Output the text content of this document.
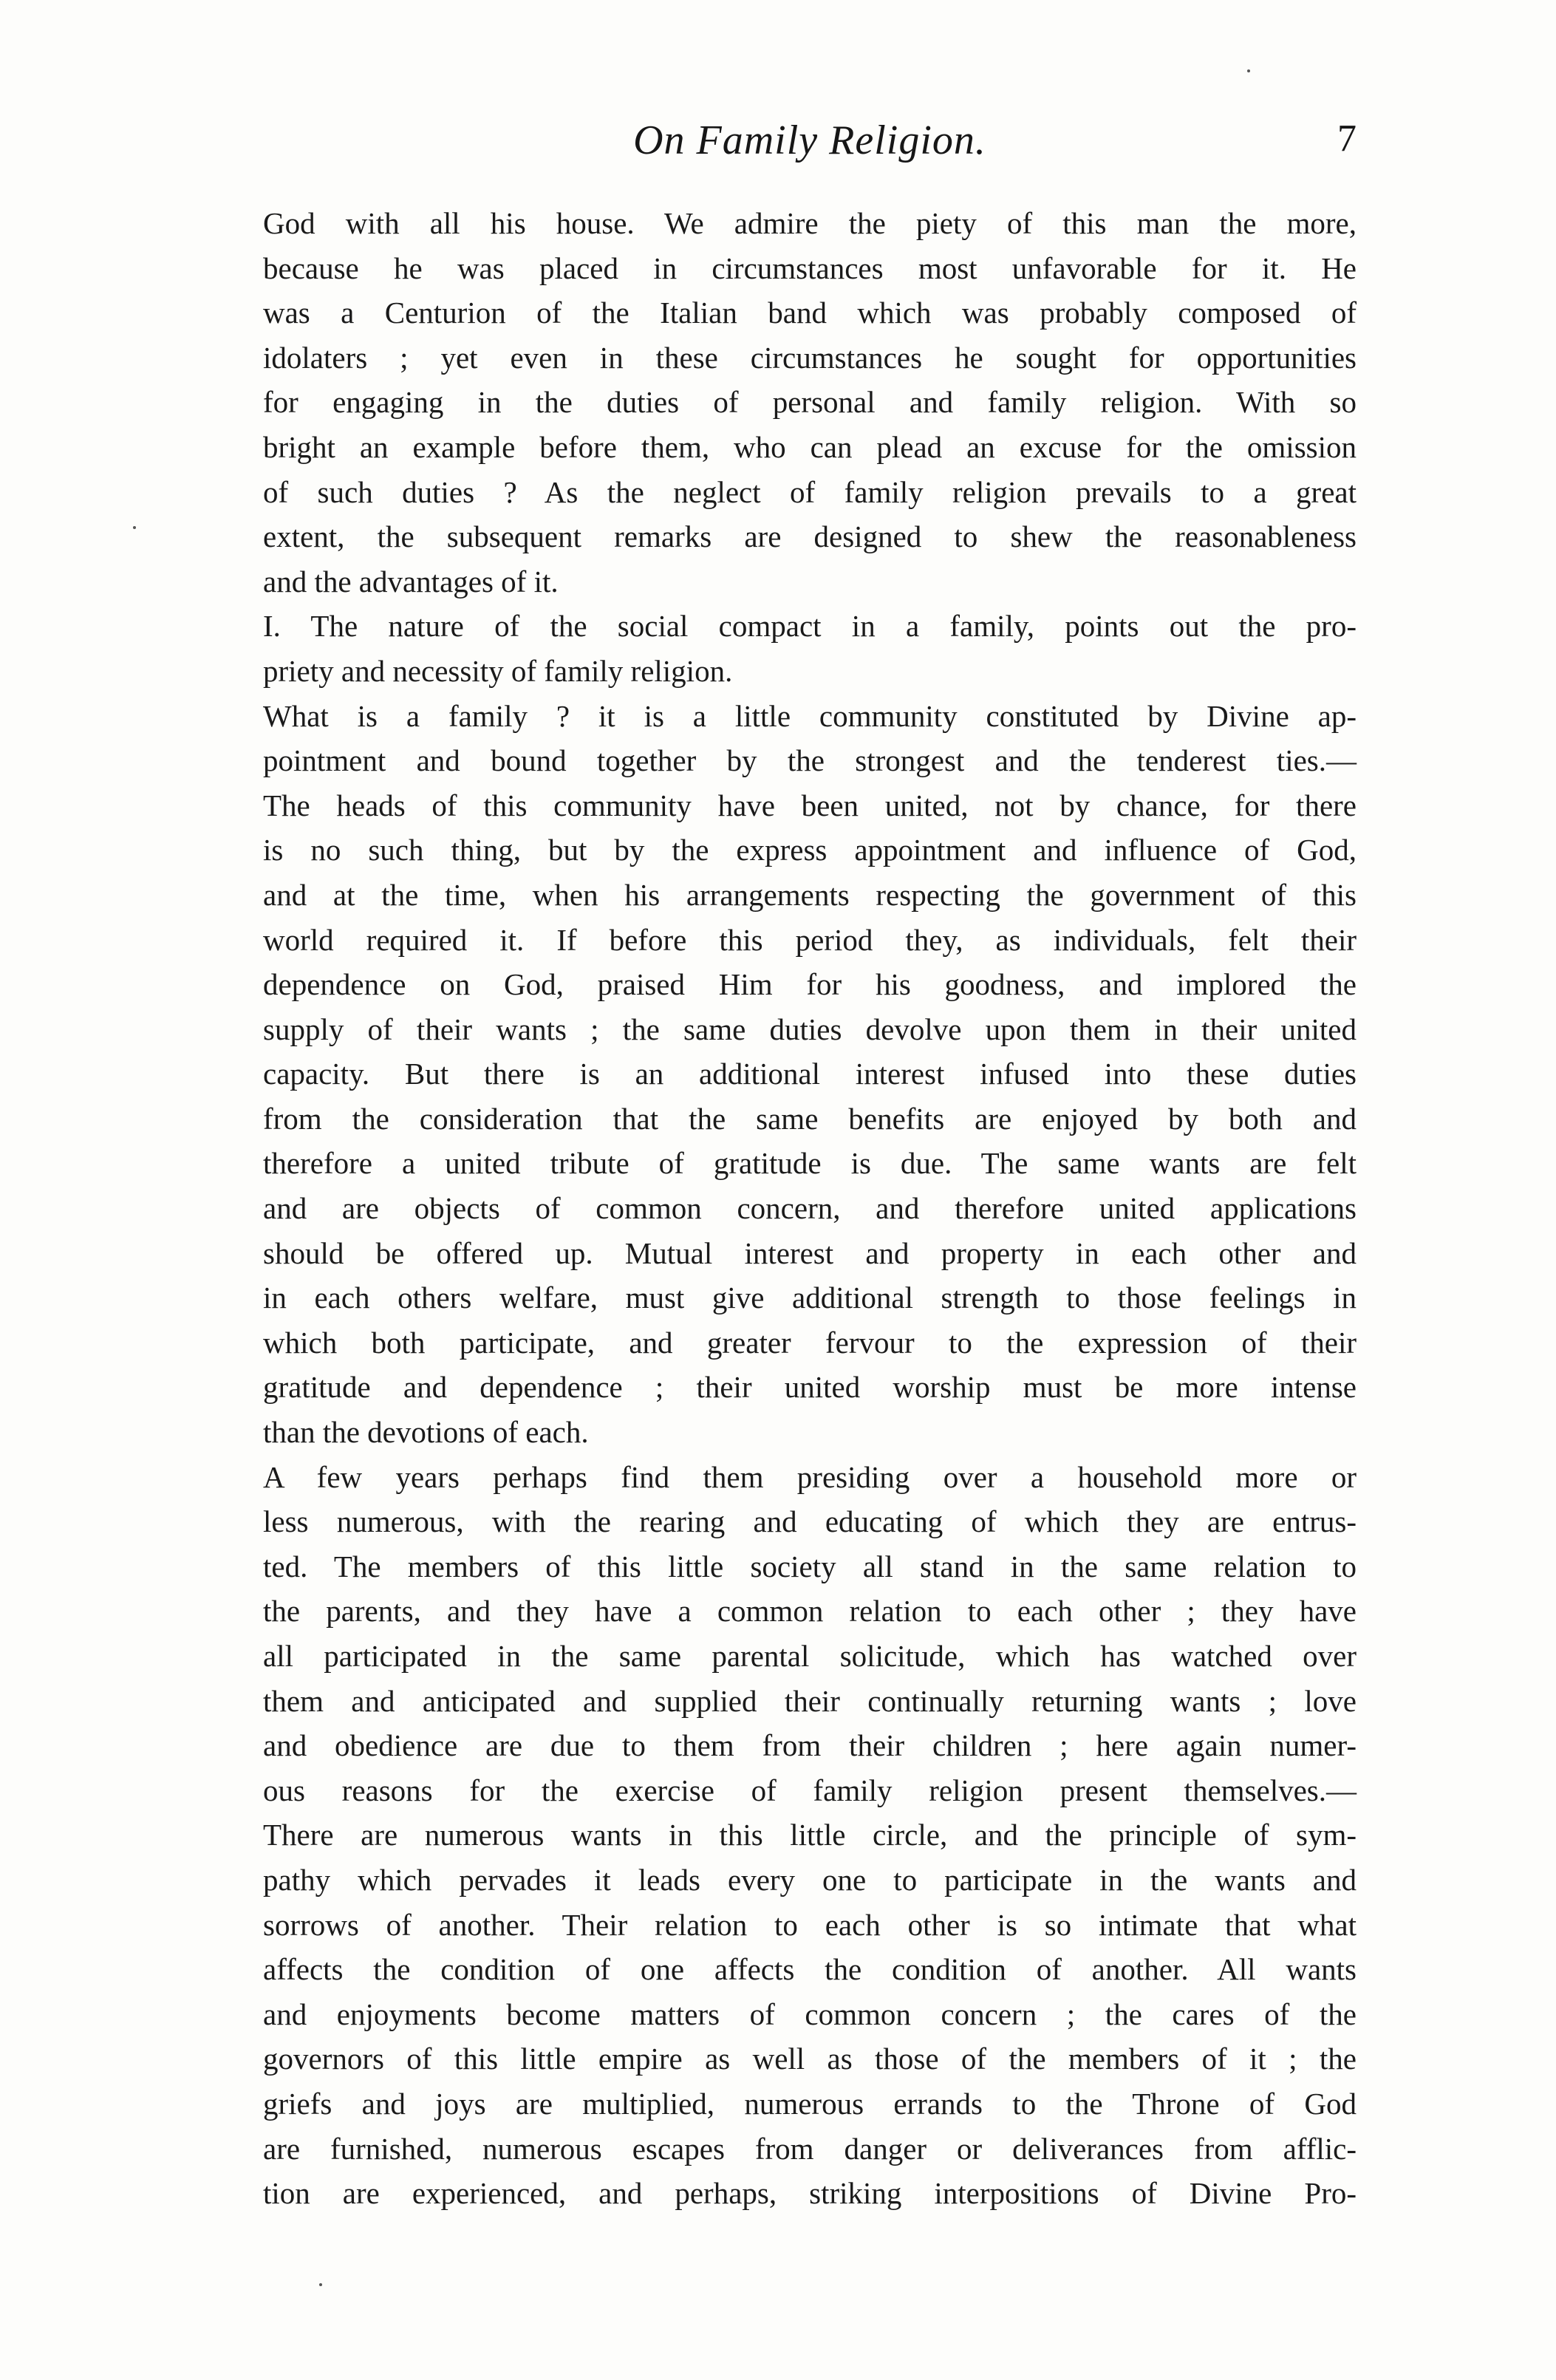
On Family Religion.	7
God with all his house. We admire the piety of this man the more,
because he was placed in circumstances most unfavorable for it. He
was a Centurion of the Italian band which was probably composed of
idolaters ; yet even in these circumstances he sought for opportunities
for engaging in the duties of personal and family religion. With so
bright an example before them, who can plead an excuse for the omission
of such duties ? As the neglect of family religion prevails to a great
extent, the subsequent remarks are designed to shew the reasonableness
and the advantages of it.
I. The nature of the social compact in a family, points out the pro-
priety and necessity of family religion.
What is a family ? it is a little community constituted by Divine ap-
pointment and bound together by the strongest and the tenderest ties.—
The heads of this community have been united, not by chance, for there
is no such thing, but by the express appointment and influence of God,
and at the time, when his arrangements respecting the government of this
world required it. If before this period they, as individuals, felt their
dependence on God, praised Him for his goodness, and implored the
supply of their wants ; the same duties devolve upon them in their united
capacity. But there is an additional interest infused into these duties
from the consideration that the same benefits are enjoyed by both and
therefore a united tribute of gratitude is due. The same wants are felt
and are objects of common concern, and therefore united applications
should be offered up. Mutual interest and property in each other and
in each others welfare, must give additional strength to those feelings in
which both participate, and greater fervour to the expression of their
gratitude and dependence ; their united worship must be more intense
than the devotions of each.
A few years perhaps find them presiding over a household more or
less numerous, with the rearing and educating of which they are entrus-
ted. The members of this little society all stand in the same relation to
the parents, and they have a common relation to each other ; they have
all participated in the same parental solicitude, which has watched over
them and anticipated and supplied their continually returning wants ; love
and obedience are due to them from their children ; here again numer-
ous reasons for the exercise of family religion present themselves.—
There are numerous wants in this little circle, and the principle of sym-
pathy which pervades it leads every one to participate in the wants and
sorrows of another. Their relation to each other is so intimate that what
affects the condition of one affects the condition of another. All wants
and enjoyments become matters of common concern ; the cares of the
governors of this little empire as well as those of the members of it ; the
griefs and joys are multiplied, numerous errands to the Throne of God
are furnished, numerous escapes from danger or deliverances from afflic-
tion are experienced, and perhaps, striking interpositions of Divine Pro-
